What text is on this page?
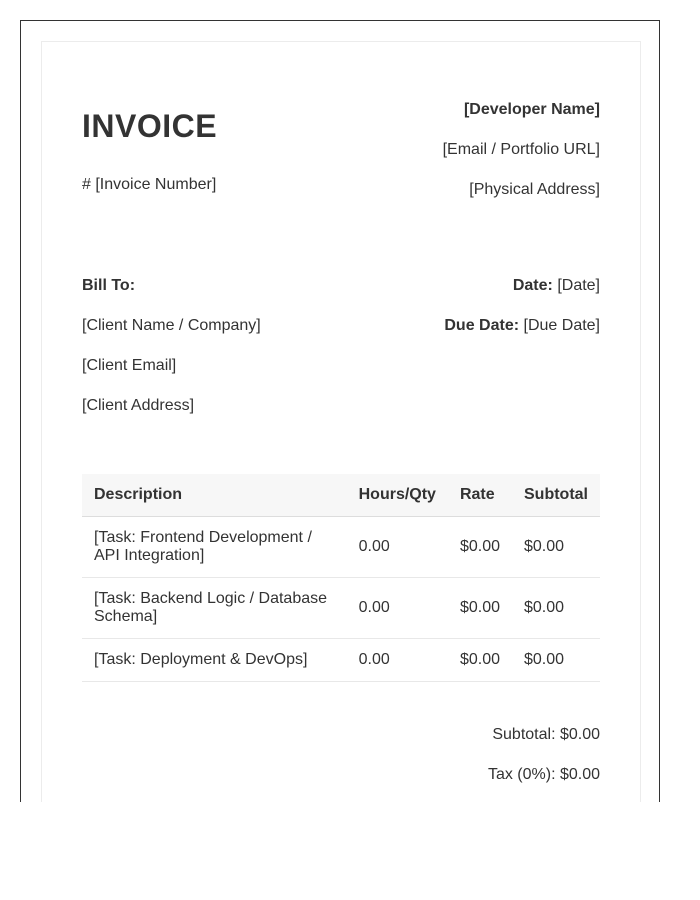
INVOICE
# [Invoice Number]
[Developer Name]
[Email / Portfolio URL]
[Physical Address]
Bill To:
[Client Name / Company]
[Client Email]
[Client Address]
Date: [Date]
Due Date: [Due Date]
Description	Hours/Qty	Rate	Subtotal
[Task: Frontend Development / API Integration]	0.00	$0.00	$0.00
[Task: Backend Logic / Database Schema]	0.00	$0.00	$0.00
[Task: Deployment & DevOps]	0.00	$0.00	$0.00
Subtotal: $0.00
Tax (0%): $0.00
